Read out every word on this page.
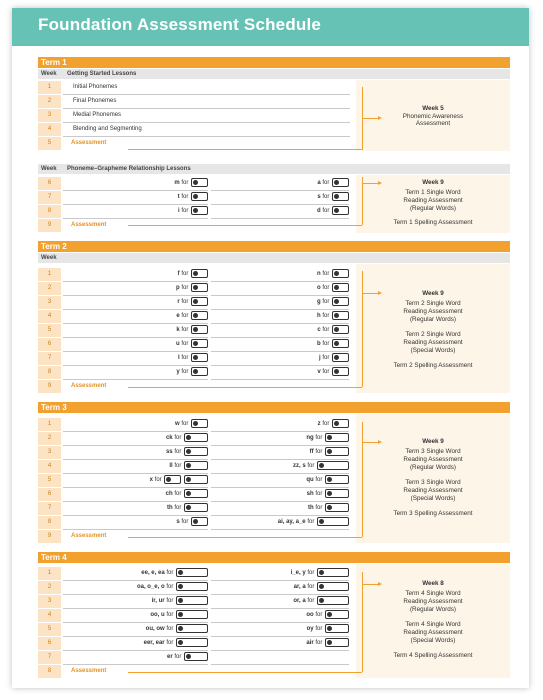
Foundation Assessment Schedule
Term 1
Week Getting Started Lessons
1	Initial Phonemes
2	Final Phonemes
3	Medial Phonemes
4	Blending and Segmenting
5	Assessment
Week 5
Phonemic Awareness
Assessment
Week Phoneme–Grapheme Relationship Lessons
6	m for	a for
7	t for	s for
8	i for	d for
9	Assessment
Week 9
Term 1 Single Word
Reading Assessment
(Regular Words)
Term 1 Spelling Assessment
Term 2
Week
1	f for	n for
2	p for	o for
3	r for	g for
4	e for	h for
5	k for	c for
6	u for	b for
7	l for	j for
8	y for	v for
9	Assessment
Week 9
Term 2 Single Word
Reading Assessment
(Regular Words)
Term 2 Single Word
Reading Assessment
(Special Words)
Term 2 Spelling Assessment
Term 3
1	w for	z for
2	ck for	ng for
3	ss for	ff for
4	ll for	zz, s for
5	x for	qu for
6	ch for	sh for
7	th for	th for
8	s for	ai, ay, a_e for
9	Assessment
Week 9
Term 3 Single Word
Reading Assessment
(Regular Words)
Term 3 Single Word
Reading Assessment
(Special Words)
Term 3 Spelling Assessment
Term 4
1	ee, e, ea for	i_e, y for
2	oa, o_e, o for	ar, a for
3	ir, ur for	or, a for
4	oo, u for	oo for
5	ou, ow for	oy for
6	eer, ear for	air for
7	er for
8	Assessment
Week 8
Term 4 Single Word
Reading Assessment
(Regular Words)
Term 4 Single Word
Reading Assessment
(Special Words)
Term 4 Spelling Assessment
